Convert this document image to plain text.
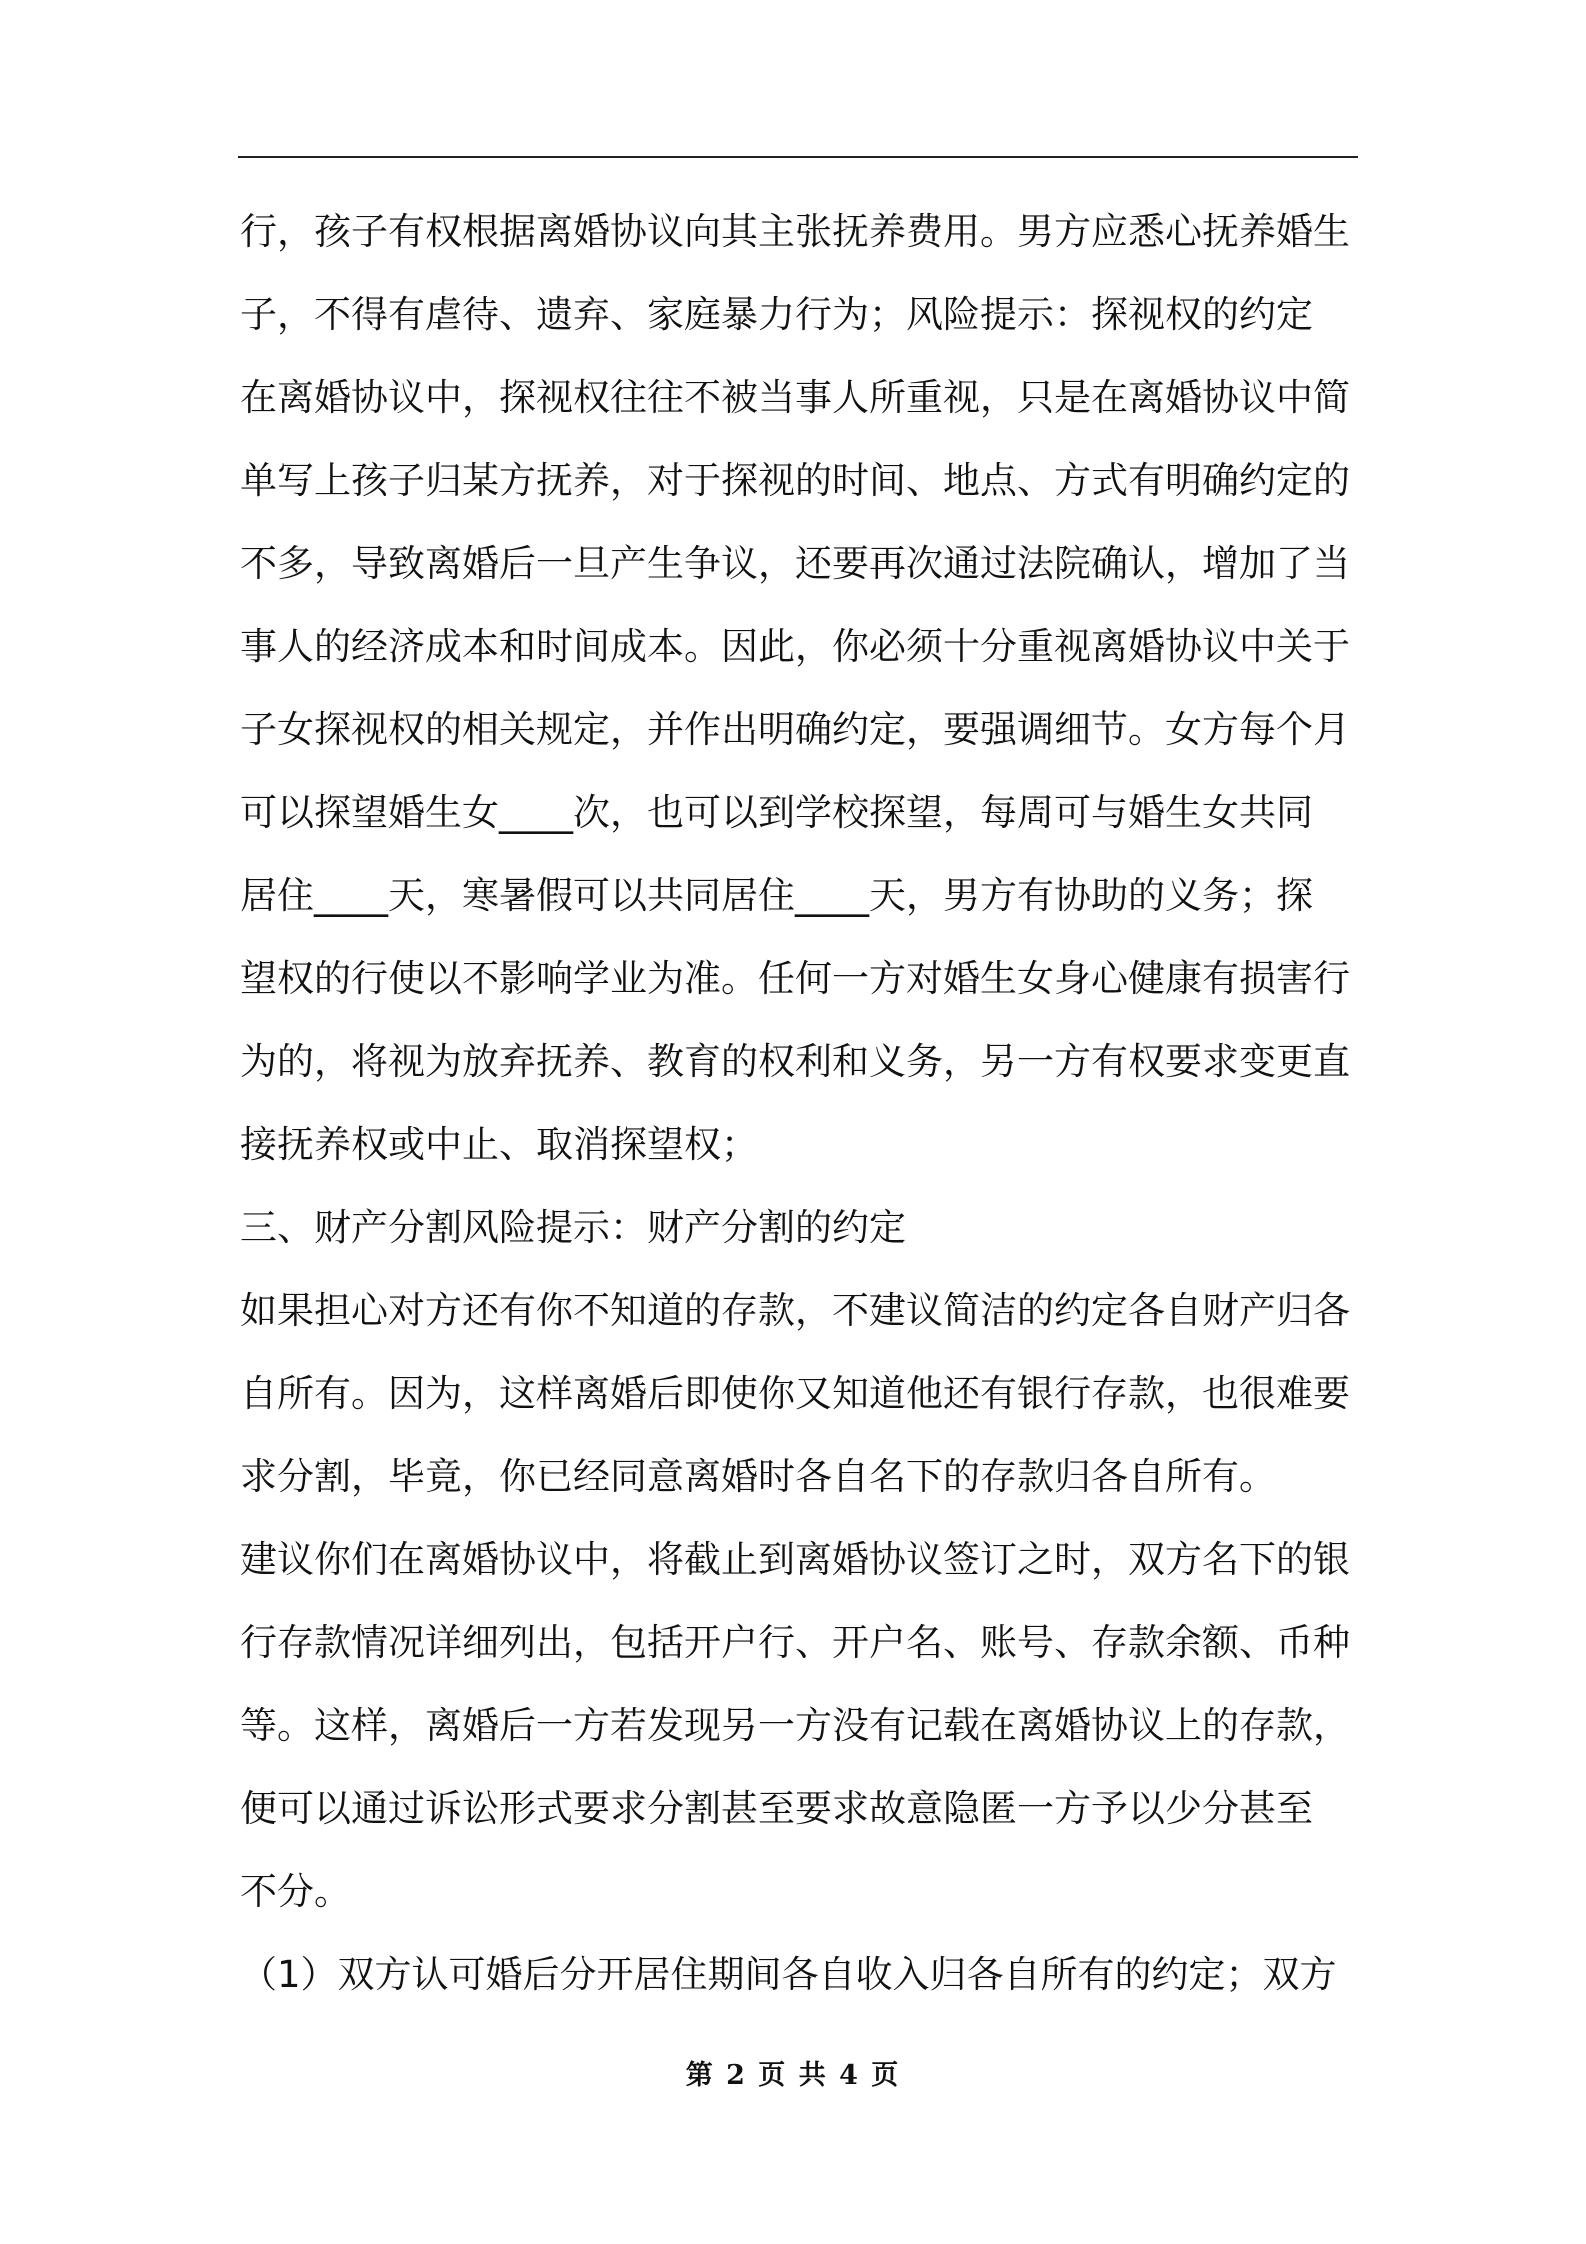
行，孩子有权根据离婚协议向其主张抚养费用。男方应悉心抚养婚生
子，不得有虐待、遗弃、家庭暴力行为；风险提示：探视权的约定
在离婚协议中，探视权往往不被当事人所重视，只是在离婚协议中简
单写上孩子归某方抚养，对于探视的时间、地点、方式有明确约定的
不多，导致离婚后一旦产生争议，还要再次通过法院确认，增加了当
事人的经济成本和时间成本。因此，你必须十分重视离婚协议中关于
子女探视权的相关规定，并作出明确约定，要强调细节。女方每个月
可以探望婚生女____次，也可以到学校探望，每周可与婚生女共同
居住____天，寒暑假可以共同居住____天，男方有协助的义务；探
望权的行使以不影响学业为准。任何一方对婚生女身心健康有损害行
为的，将视为放弃抚养、教育的权利和义务，另一方有权要求变更直
接抚养权或中止、取消探望权；
三、财产分割风险提示：财产分割的约定
如果担心对方还有你不知道的存款，不建议简洁的约定各自财产归各
自所有。因为，这样离婚后即使你又知道他还有银行存款，也很难要
求分割，毕竟，你已经同意离婚时各自名下的存款归各自所有。
建议你们在离婚协议中，将截止到离婚协议签订之时，双方名下的银
行存款情况详细列出，包括开户行、开户名、账号、存款余额、币种
等。这样，离婚后一方若发现另一方没有记载在离婚协议上的存款，
便可以通过诉讼形式要求分割甚至要求故意隐匿一方予以少分甚至
不分。
（1）双方认可婚后分开居住期间各自收入归各自所有的约定；双方
第 2 页 共 4 页
